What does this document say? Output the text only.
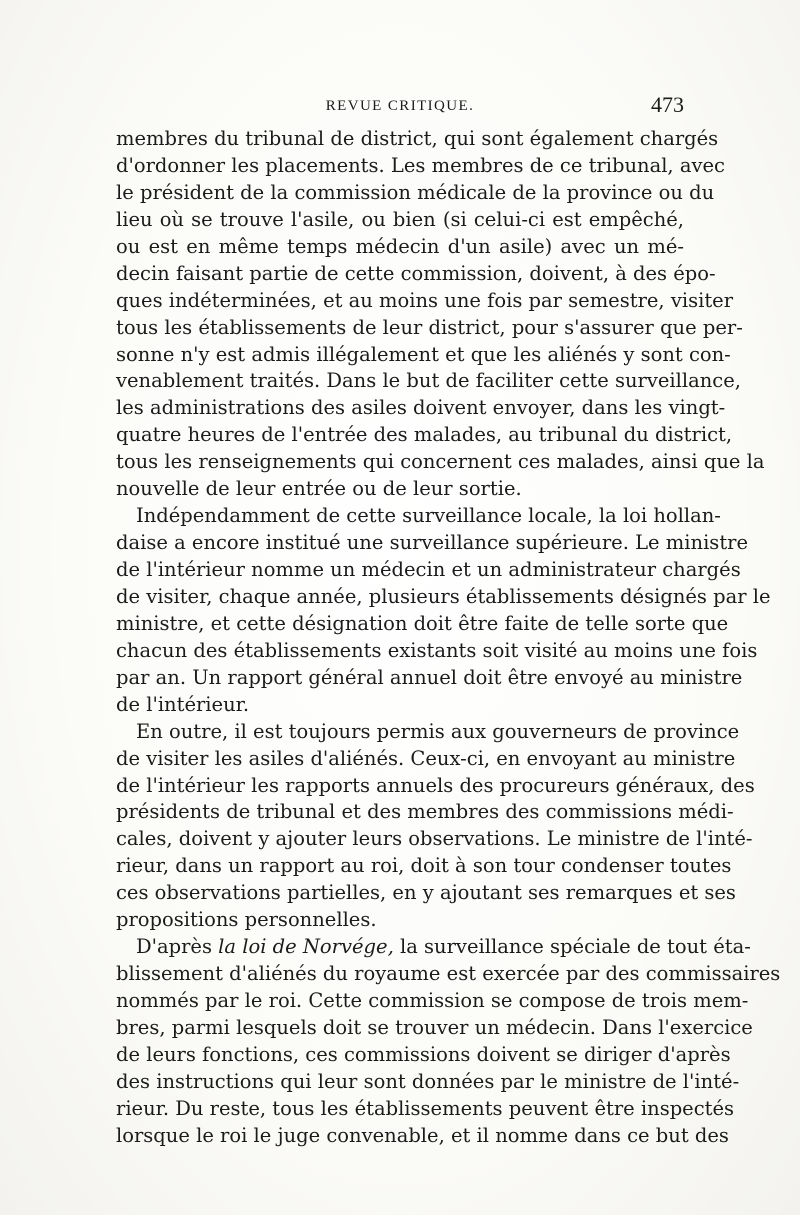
REVUE CRITIQUE.	473
membres du tribunal de district, qui sont également chargés
d'ordonner les placements. Les membres de ce tribunal, avec
le président de la commission médicale de la province ou du
lieu où se trouve l'asile, ou bien (si celui-ci est empêché,
ou est en même temps médecin d'un asile) avec un mé-
decin faisant partie de cette commission, doivent, à des épo-
ques indéterminées, et au moins une fois par semestre, visiter
tous les établissements de leur district, pour s'assurer que per-
sonne n'y est admis illégalement et que les aliénés y sont con-
venablement traités. Dans le but de faciliter cette surveillance,
les administrations des asiles doivent envoyer, dans les vingt-
quatre heures de l'entrée des malades, au tribunal du district,
tous les renseignements qui concernent ces malades, ainsi que la
nouvelle de leur entrée ou de leur sortie.
Indépendamment de cette surveillance locale, la loi hollan-
daise a encore institué une surveillance supérieure. Le ministre
de l'intérieur nomme un médecin et un administrateur chargés
de visiter, chaque année, plusieurs établissements désignés par le
ministre, et cette désignation doit être faite de telle sorte que
chacun des établissements existants soit visité au moins une fois
par an. Un rapport général annuel doit être envoyé au ministre
de l'intérieur.
En outre, il est toujours permis aux gouverneurs de province
de visiter les asiles d'aliénés. Ceux-ci, en envoyant au ministre
de l'intérieur les rapports annuels des procureurs généraux, des
présidents de tribunal et des membres des commissions médi-
cales, doivent y ajouter leurs observations. Le ministre de l'inté-
rieur, dans un rapport au roi, doit à son tour condenser toutes
ces observations partielles, en y ajoutant ses remarques et ses
propositions personnelles.
D'après la loi de Norvége, la surveillance spéciale de tout éta-
blissement d'aliénés du royaume est exercée par des commissaires
nommés par le roi. Cette commission se compose de trois mem-
bres, parmi lesquels doit se trouver un médecin. Dans l'exercice
de leurs fonctions, ces commissions doivent se diriger d'après
des instructions qui leur sont données par le ministre de l'inté-
rieur. Du reste, tous les établissements peuvent être inspectés
lorsque le roi le juge convenable, et il nomme dans ce but des
